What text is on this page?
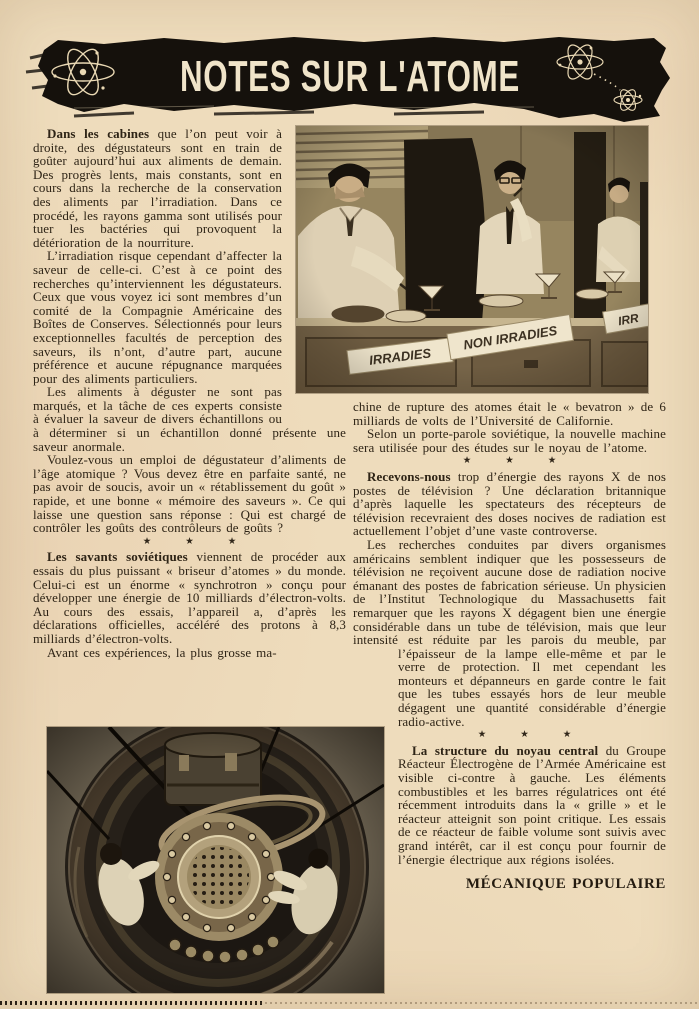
NOTES SUR L'ATOME

Dans les cabines que l’on peut voir à droite, des dégustateurs sont en train de goûter aujourd’hui aux aliments de demain. Des progrès lents, mais constants, sont en cours dans la recherche de la conservation des aliments par l’irradiation. Dans ce procédé, les rayons gamma sont utilisés pour tuer les bactéries qui provoquent la détérioration de la nourriture.

L’irradiation risque cependant d’affecter la saveur de celle-ci. C’est à ce point des recherches qu’interviennent les dégustateurs. Ceux que vous voyez ici sont membres d’un comité de la Compagnie Américaine des Boîtes de Conserves. Sélectionnés pour leurs exceptionnelles facultés de perception des saveurs, ils n’ont, d’autre part, aucune préférence et aucune répugnance marquées pour des aliments particuliers.

Les aliments à déguster ne sont pas marqués, et la tâche de ces experts consiste à évaluer la saveur de divers échantillons ou à déterminer si un échantillon donné présente une saveur anormale.

Voulez-vous un emploi de dégustateur d’aliments de l’âge atomique ? Vous devez être en parfaite santé, ne pas avoir de soucis, avoir un « rétablissement du goût » rapide, et une bonne « mémoire des saveurs ». Ce qui laisse une question sans réponse : Qui est chargé de contrôler les goûts des contrôleurs de goûts ?

★ ★ ★

Les savants soviétiques viennent de procéder aux essais du plus puissant « briseur d’atomes » du monde. Celui-ci est un énorme « synchrotron » conçu pour développer une énergie de 10 milliards d’électron-volts. Au cours des essais, l’appareil a, d’après les déclarations officielles, accéléré des protons à 8,3 milliards d’électron-volts.

Avant ces expériences, la plus grosse ma-

chine de rupture des atomes était le « bevatron » de 6 milliards de volts de l’Université de Californie.

Selon un porte-parole soviétique, la nouvelle machine sera utilisée pour des études sur le noyau de l’atome.

★ ★ ★

Recevons-nous trop d’énergie des rayons X de nos postes de télévision ? Une déclaration britannique d’après laquelle les spectateurs des récepteurs de télévision recevraient des doses nocives de radiation est actuellement l’objet d’une vaste controverse.

Les recherches conduites par divers organismes américains semblent indiquer que les possesseurs de télévision ne reçoivent aucune dose de radiation nocive émanant des postes de fabrication sérieuse. Un physicien de l’Institut Technologique du Massachusetts fait remarquer que les rayons X dégagent bien une énergie considérable dans un tube de télévision, mais que leur intensité est réduite par les parois du meuble, par l’épaisseur de la lampe elle-
même et par le verre de protection. Il met cependant les monteurs et dépanneurs en garde contre le fait que les tubes essayés hors de leur meuble dégagent une quantité considérable d’énergie radio-active.

★ ★ ★

La structure du noyau central du Groupe Réacteur Électrogène de l’Armée Américaine est visible ci-contre à gauche. Les éléments combustibles et les barres régulatrices ont été récemment introduits dans la « grille » et le réacteur atteignit son point critique. Les essais de ce réacteur de faible volume sont suivis avec grand intérêt, car il est conçu pour fournir de l’énergie électrique aux régions isolées.

MÉCANIQUE POPULAIRE
